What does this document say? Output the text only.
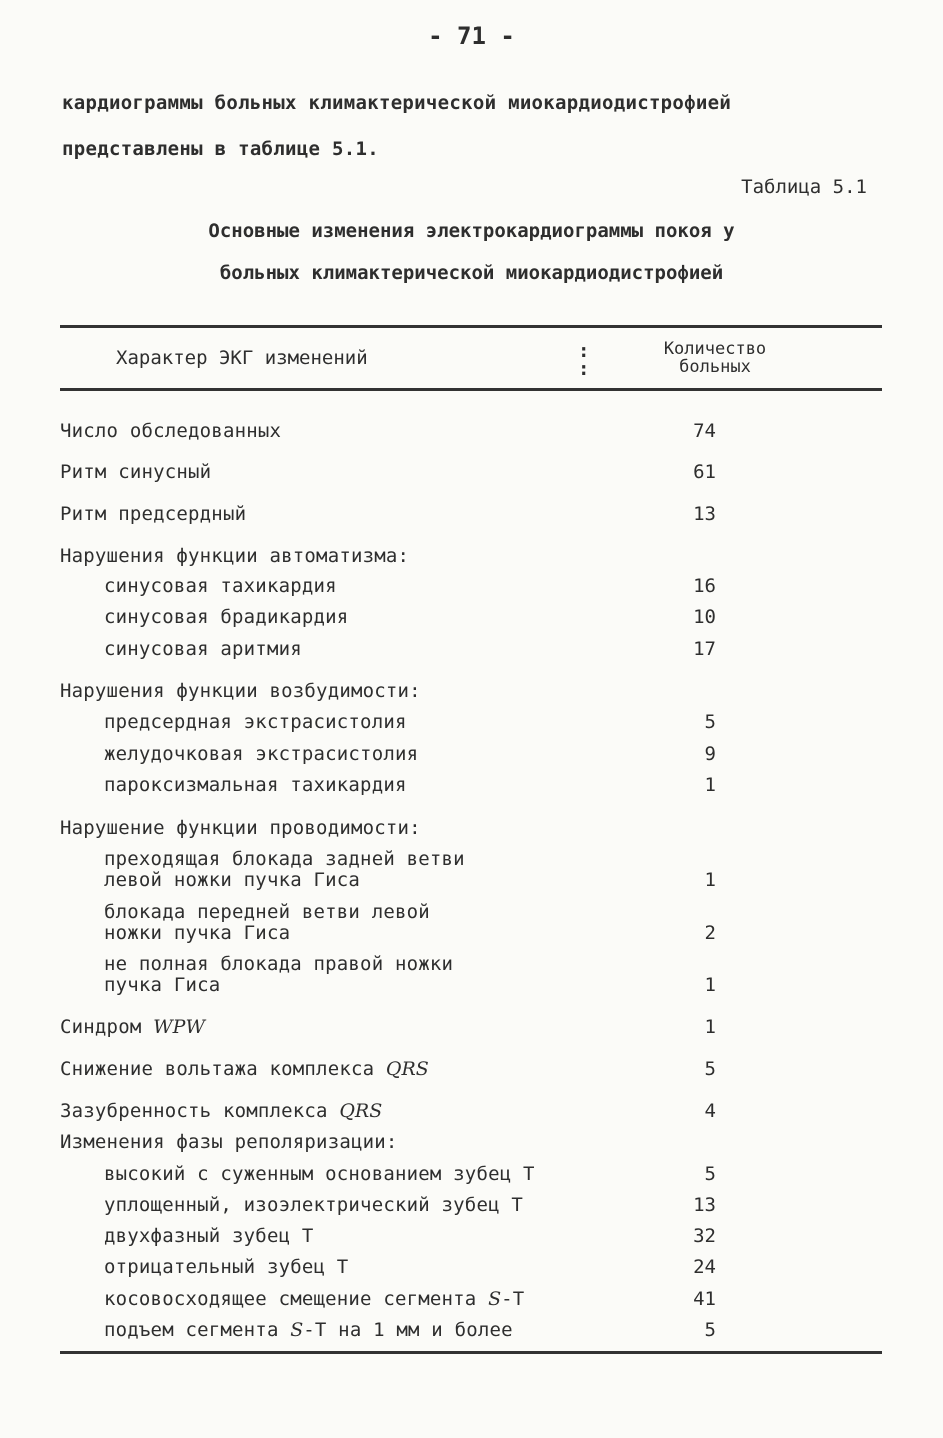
- 71 -
кардиограммы больных климактерической миокардиодистрофией
представлены в таблице 5.1.
Таблица 5.1
Основные изменения электрокардиограммы покоя у
больных климактерической миокардиодистрофией
Характер ЭКГ изменений	:
:
Количество
больных
Число обследованных	74
Ритм синусный	61
Ритм предсердный	13
Нарушения функции автоматизма:
синусовая тахикардия	16
синусовая брадикардия	10
синусовая аритмия	17
Нарушения функции возбудимости:
предсердная экстрасистолия	5
желудочковая экстрасистолия	9
пароксизмальная тахикардия	1
Нарушение функции проводимости:
преходящая блокада задней ветви
левой ножки пучка Гиса	1
блокада передней ветви левой
ножки пучка Гиса	2
не полная блокада правой ножки
пучка Гиса	1
Синдром WPW	1
Снижение вольтажа комплекса QRS	5
Зазубренность комплекса QRS	4
Изменения фазы реполяризации:
высокий с суженным основанием зубец Т	5
уплощенный, изоэлектрический зубец Т	13
двухфазный зубец Т	32
отрицательный зубец Т	24
косовосходящее смещение сегмента S-Т	41
подъем сегмента S-Т на 1 мм и более	5
